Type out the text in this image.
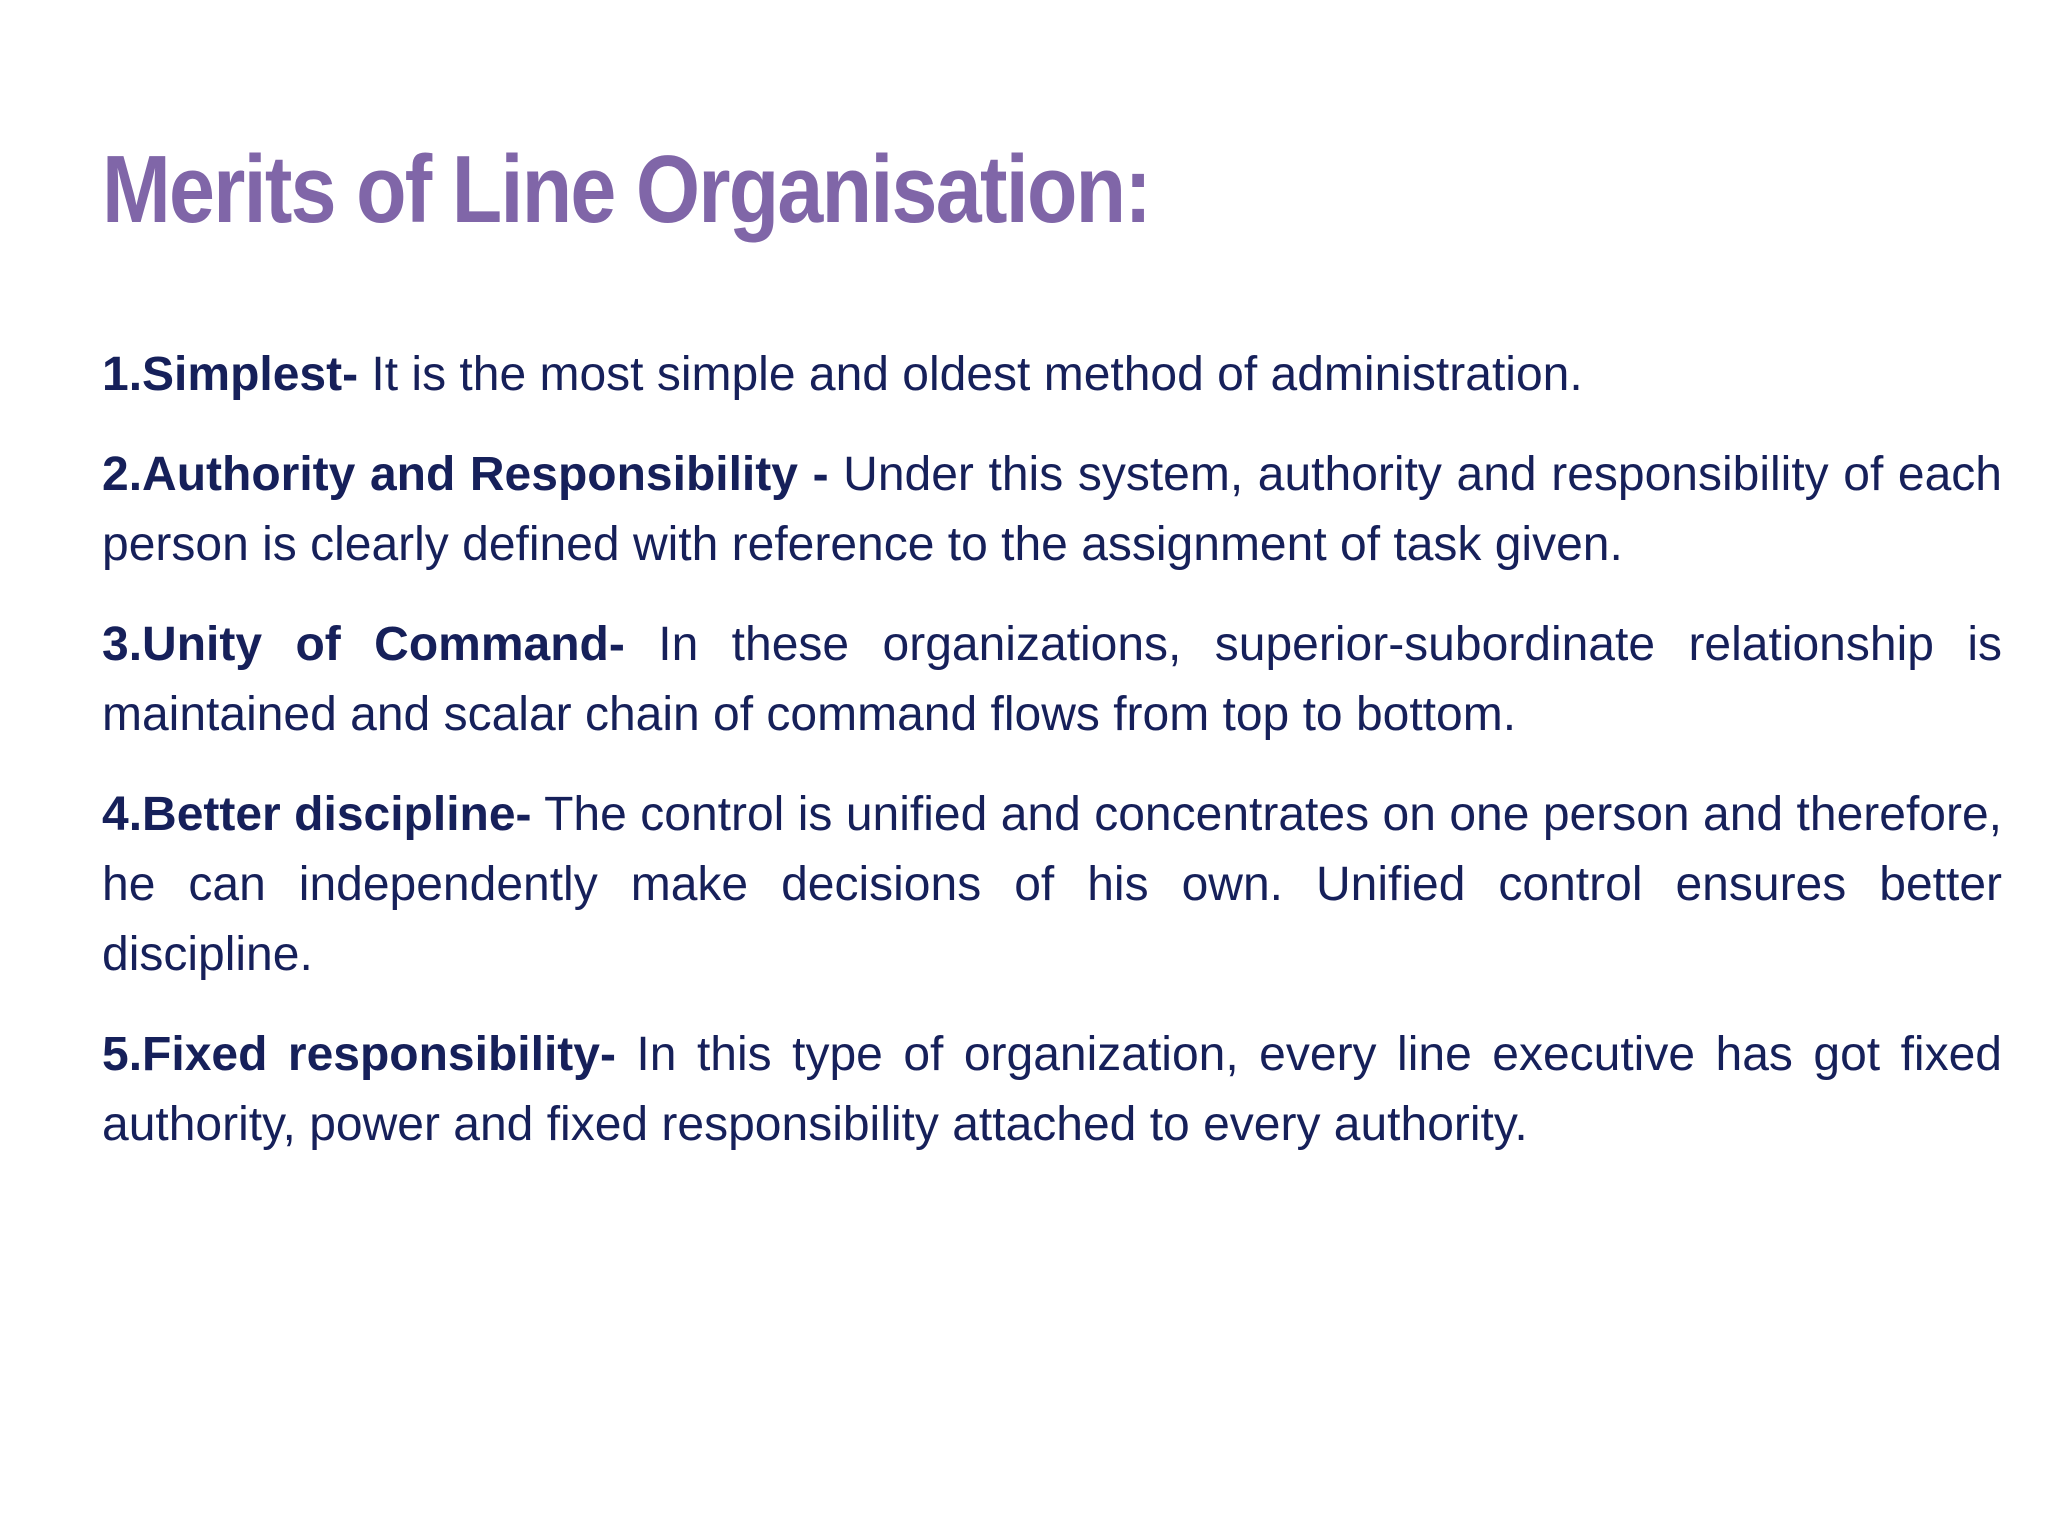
Merits of Line Organisation:

1.Simplest- It is the most simple and oldest method of administration.

2.Authority and Responsibility - Under this system, authority and responsibility of each person is clearly defined with reference to the assignment of task given.

3.Unity of Command- In these organizations, superior-subordinate relationship is maintained and scalar chain of command flows from top to bottom.

4.Better discipline- The control is unified and concentrates on one person and therefore, he can independently make decisions of his own. Unified control ensures better discipline.

5.Fixed responsibility- In this type of organization, every line executive has got fixed authority, power and fixed responsibility attached to every authority.
